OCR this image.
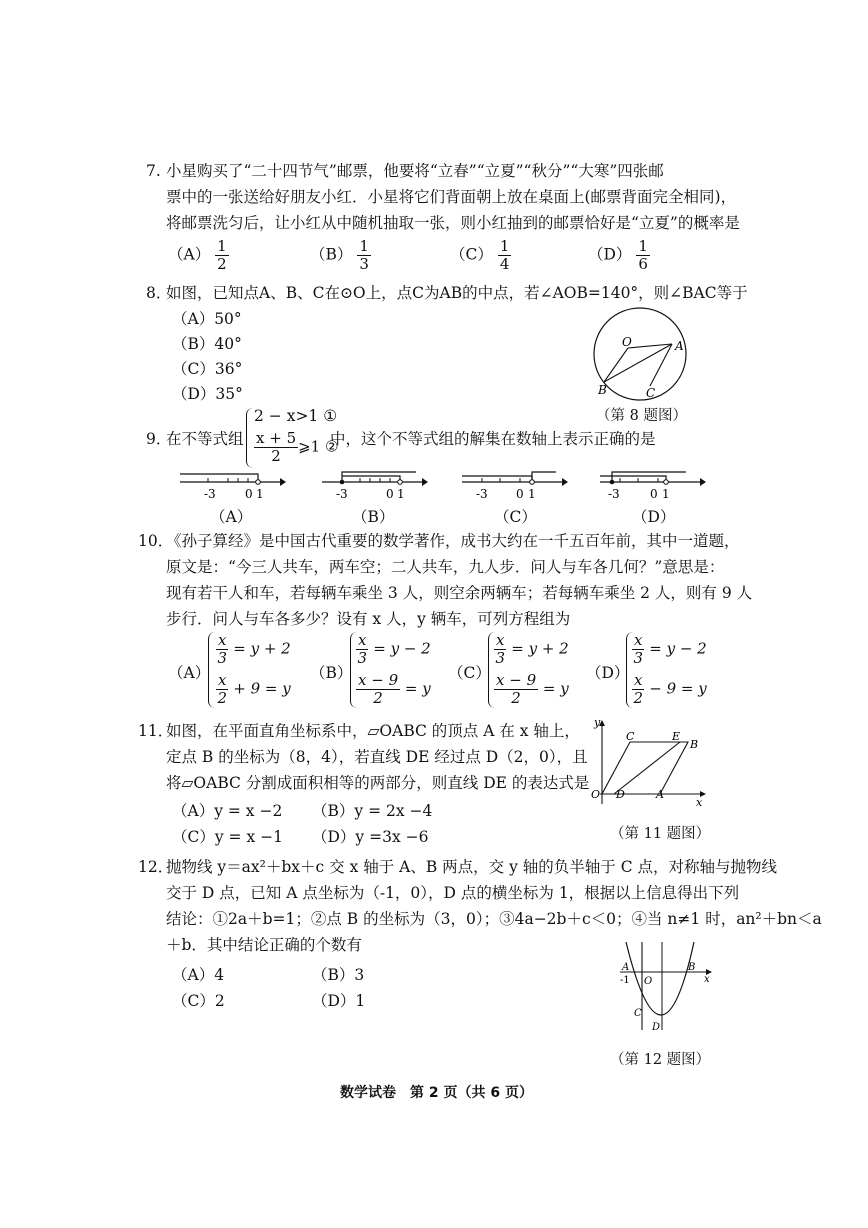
7. 小星购买了“二十四节气”邮票，他要将“立春”“立夏”“秋分”“大寒”四张邮
票中的一张送给好朋友小红．小星将它们背面朝上放在桌面上(邮票背面完全相同)，
将邮票洗匀后，让小红从中随机抽取一张，则小红抽到的邮票恰好是“立夏”的概率是
$(A) \frac{1}{2}$	$(B) \frac{1}{3}$	$(C) \frac{1}{4}$	$(D) \frac{1}{6}$
8．
如图，已知点A、B、C在⊙O上，点C为AB的中点，若∠AOB=140°，则∠BAC等于
（A）50°
（B）40°
（C）36°
（D）35°
O	A
B	C
（第 8 题图）
9．
在不等式组
2 − x>1 ①
$\frac{x + 5}{2}$ ⩾1 ②
中，这个不等式组的解集在数轴上表示正确的是
-3 0 1
（A）
-3	0 1
（B）
-3 0 1
（C）
-3	0 1
（D）
10．
《孙子算经》是中国古代重要的数学著作，成书大约在一千五百年前，其中一道题，
原文是：“今三人共车，两车空；二人共车，九人步．问人与车各几何？”意思是：
现有若干人和车，若每辆车乘坐 3 人，则空余两辆车；若每辆车乘坐 2 人，则有 9 人
步行．问人与车各多少？设有 x 人，y 辆车，可列方程组为
（A）
$\frac{x}{3} = y + 2$
$\frac{x}{2} + 9 = y$
（B）
$\frac{x}{3} = y - 2$
$\frac{x - 9}{2} = y$
（C）
$\frac{x}{3} = y + 2$
$\frac{x - 9}{2} = y$
（D）
$\frac{x}{3} = y - 2$
$\frac{x}{2} - 9 = y$
11．
如图，在平面直角坐标系中，▱OABC 的顶点 A 在 x 轴上，
定点 B 的坐标为（8，4），若直线 DE 经过点 D（2，0），且
将▱OABC 分割成面积相等的两部分，则直线 DE 的表达式是
（A）y = x −2 （B）y = 2x −4
（C）y = x −1 （D）y =3x −6
y
x
C	E
B
O D	A
（第 11 题图）
12．
抛物线 y＝ax²＋bx＋c 交 x 轴于 A、B 两点，交 y 轴的负半轴于 C 点，对称轴与抛物线
交于 D 点，已知 A 点坐标为（-1，0），D 点的横坐标为 1，根据以上信息得出下列
结论：①2a＋b=1；②点 B 的坐标为（3，0）；③4a−2b＋c＜0；④当 n≠1 时，an²＋bn＜a
＋b．其中结论正确的个数有
（A）4	（B）3
（C）2	（D）1
A
-1 O
B
x
C
D
（第 12 题图）
数学试卷　第 2 页（共 6 页）
